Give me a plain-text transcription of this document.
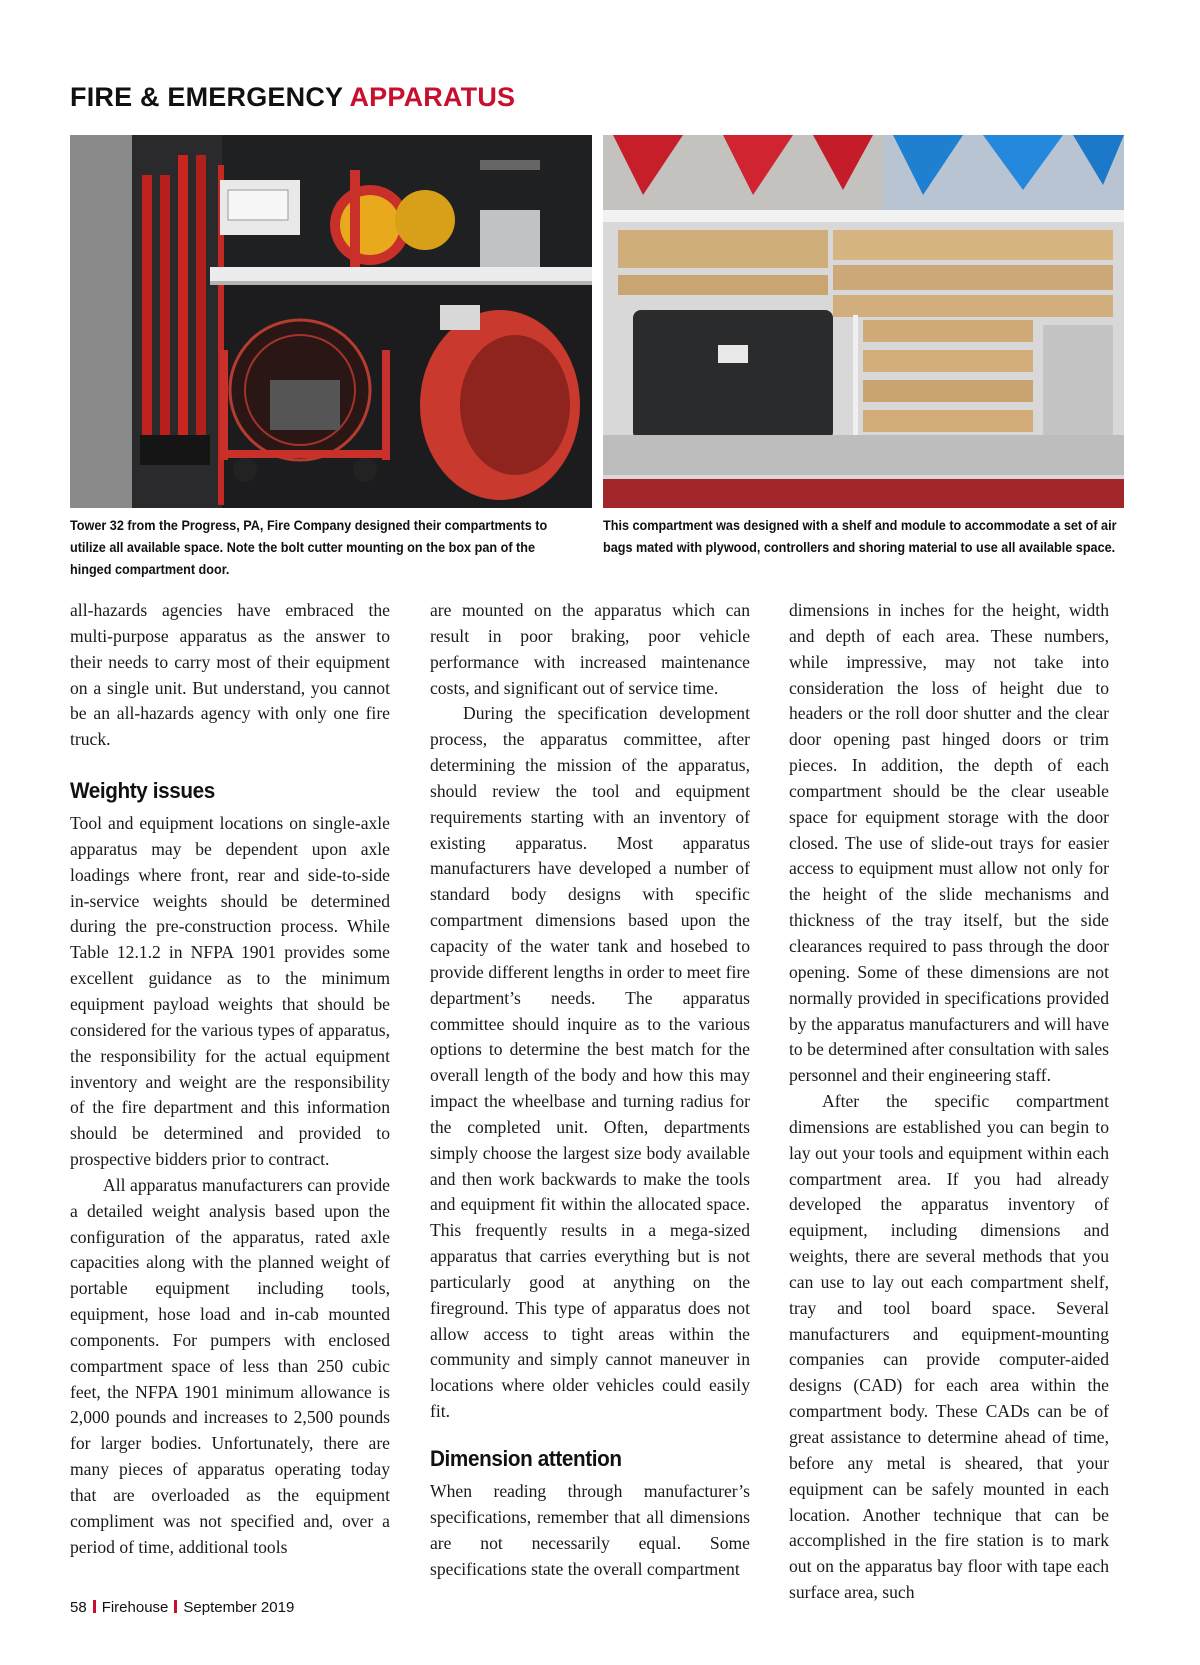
FIRE & EMERGENCY APPARATUS
Tower 32 from the Progress, PA, Fire Company designed their compartments to utilize all available space. Note the bolt cutter mounting on the box pan of the hinged compartment door.
This compartment was designed with a shelf and module to accommodate a set of air bags mated with plywood, controllers and shoring material to use all available space.

all-hazards agencies have embraced the multi-purpose apparatus as the answer to their needs to carry most of their equipment on a single unit. But understand, you cannot be an all-hazards agency with only one fire truck.

Weighty issues

Tool and equipment locations on single-axle apparatus may be dependent upon axle loadings where front, rear and side-to-side in-service weights should be determined during the pre-construction process. While Table 12.1.2 in NFPA 1901 provides some excellent guidance as to the minimum equipment payload weights that should be considered for the various types of apparatus, the responsibility for the actual equipment inventory and weight are the responsibility of the fire department and this information should be determined and provided to prospective bidders prior to contract.

All apparatus manufacturers can provide a detailed weight analysis based upon the configuration of the apparatus, rated axle capacities along with the planned weight of portable equipment including tools, equipment, hose load and in-cab mounted components. For pumpers with enclosed compartment space of less than 250 cubic feet, the NFPA 1901 minimum allowance is 2,000 pounds and increases to 2,500 pounds for larger bodies. Unfortunately, there are many pieces of apparatus operating today that are overloaded as the equipment compliment was not specified and, over a period of time, additional tools

are mounted on the apparatus which can result in poor braking, poor vehicle performance with increased maintenance costs, and significant out of service time.

During the specification development process, the apparatus committee, after determining the mission of the apparatus, should review the tool and equipment requirements starting with an inventory of existing apparatus. Most apparatus manufacturers have developed a number of standard body designs with specific compartment dimensions based upon the capacity of the water tank and hosebed to provide different lengths in order to meet fire department’s needs. The apparatus committee should inquire as to the various options to determine the best match for the overall length of the body and how this may impact the wheelbase and turning radius for the completed unit. Often, departments simply choose the largest size body available and then work backwards to make the tools and equipment fit within the allocated space. This frequently results in a mega-sized apparatus that carries everything but is not particularly good at anything on the fireground. This type of apparatus does not allow access to tight areas within the community and simply cannot maneuver in locations where older vehicles could easily fit.

Dimension attention

When reading through manufacturer’s specifications, remember that all dimensions are not necessarily equal. Some specifications state the overall compartment

dimensions in inches for the height, width and depth of each area. These numbers, while impressive, may not take into consideration the loss of height due to headers or the roll door shutter and the clear door opening past hinged doors or trim pieces. In addition, the depth of each compartment should be the clear useable space for equipment storage with the door closed. The use of slide-out trays for easier access to equipment must allow not only for the height of the slide mechanisms and thickness of the tray itself, but the side clearances required to pass through the door opening. Some of these dimensions are not normally provided in specifications provided by the apparatus manufacturers and will have to be determined after consultation with sales personnel and their engineering staff.

After the specific compartment dimensions are established you can begin to lay out your tools and equipment within each compartment area. If you had already developed the apparatus inventory of equipment, including dimensions and weights, there are several methods that you can use to lay out each compartment shelf, tray and tool board space. Several manufacturers and equipment-mounting companies can provide computer-aided designs (CAD) for each area within the compartment body. These CADs can be of great assistance to determine ahead of time, before any metal is sheared, that your equipment can be safely mounted in each location. Another technique that can be accomplished in the fire station is to mark out on the apparatus bay floor with tape each surface area, such

58 Firehouse September 2019
